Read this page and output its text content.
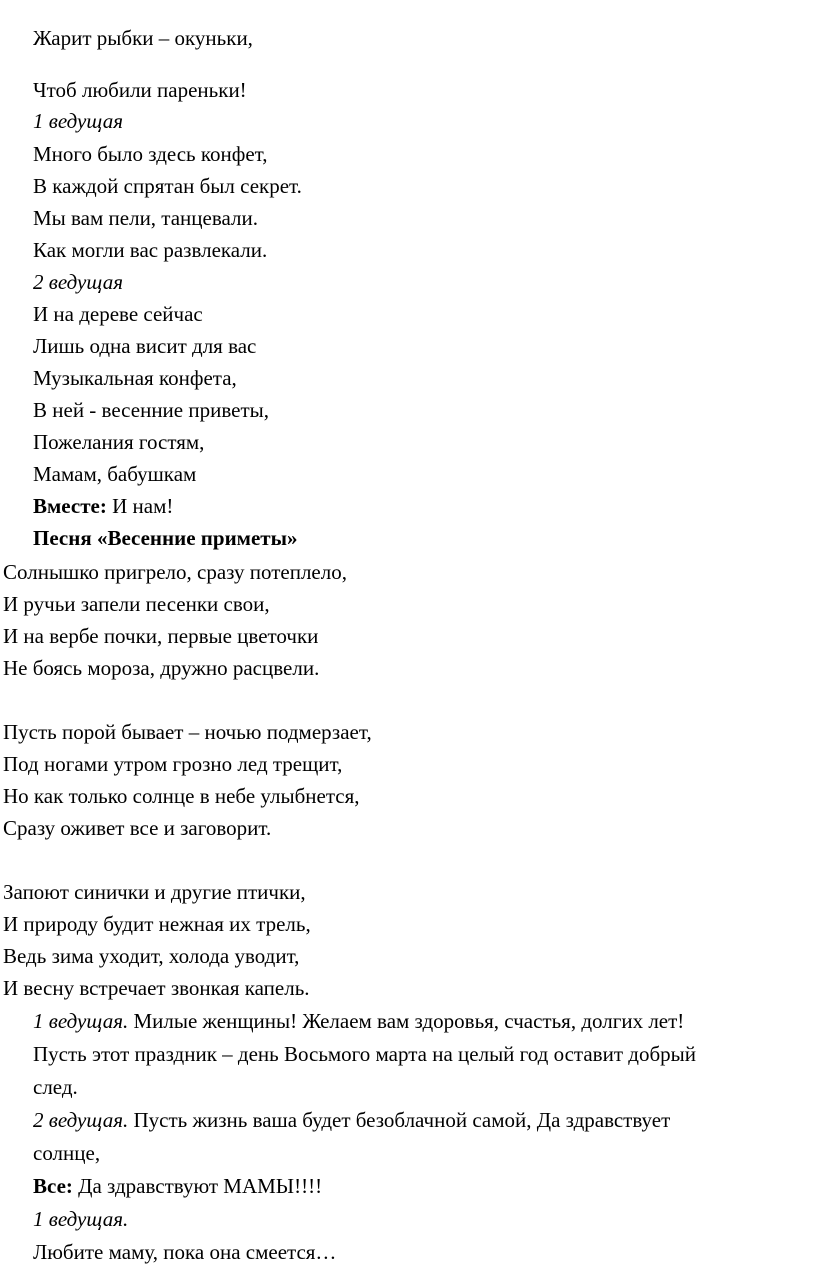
Жарит рыбки – окуньки,
Чтоб любили пареньки!
1 ведущая
Много было здесь конфет,
В каждой спрятан был секрет.
Мы вам пели, танцевали.
Как могли вас развлекали.
2 ведущая
И на дереве сейчас
Лишь одна висит для вас
Музыкальная конфета,
В ней - весенние приветы,
Пожелания гостям,
Мамам, бабушкам
Вместе: И нам!
Песня «Весенние приметы»
Солнышко пригрело, сразу потеплело,
И ручьи запели песенки свои,
И на вербе почки, первые цветочки
Не боясь мороза, дружно расцвели.
Пусть порой бывает – ночью подмерзает,
Под ногами утром грозно лед трещит,
Но как только солнце в небе улыбнется,
Сразу оживет все и заговорит.
Запоют синички и другие птички,
И природу будит нежная их трель,
Ведь зима уходит, холода уводит,
И весну встречает звонкая капель.
1 ведущая. Милые женщины! Желаем вам здоровья, счастья, долгих лет!
Пусть этот праздник – день Восьмого марта на целый год оставит добрый
след.
2 ведущая. Пусть жизнь ваша будет безоблачной самой, Да здравствует
солнце,
Все: Да здравствуют МАМЫ!!!!
1 ведущая.
Любите маму, пока она смеется…
